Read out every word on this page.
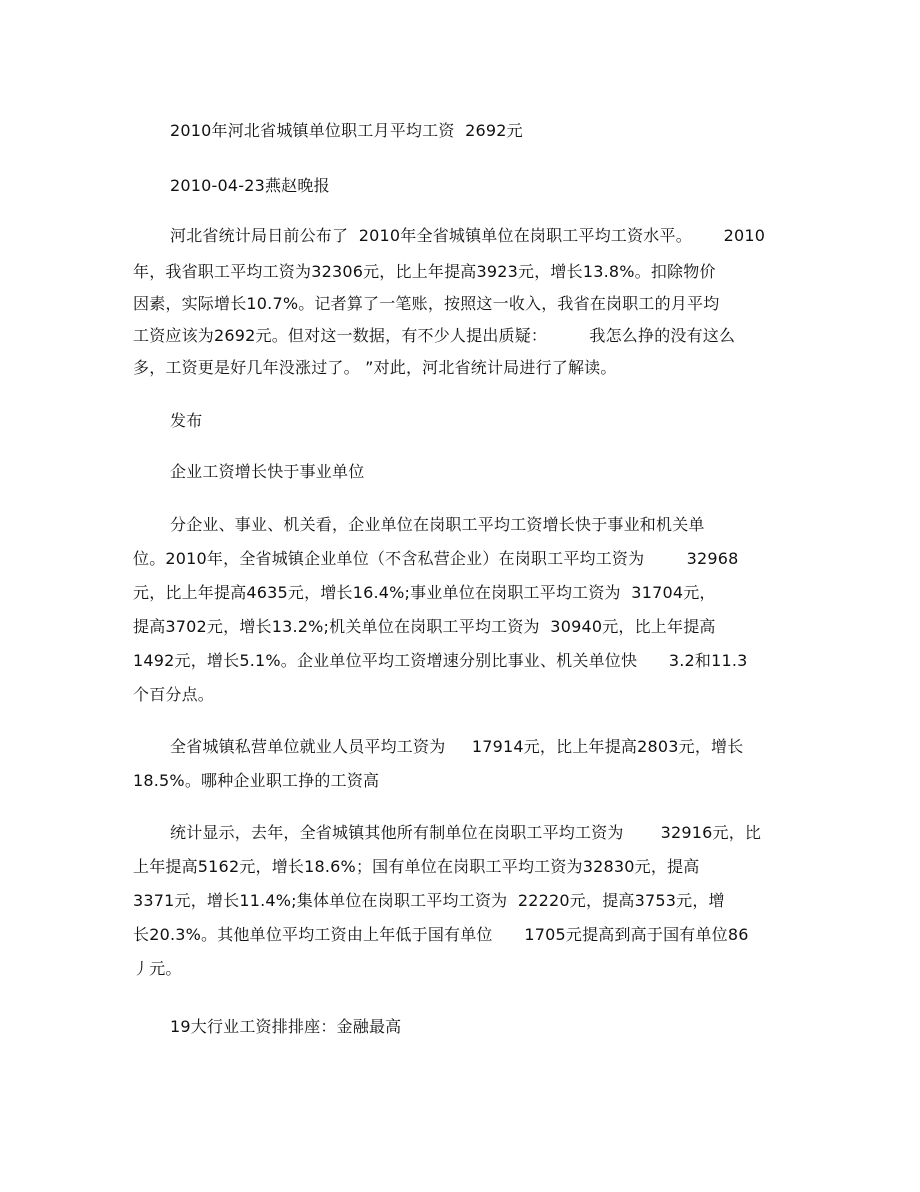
2010年河北省城镇单位职工月平均工资  2692元
2010-04-23燕赵晚报
河北省统计局日前公布了  2010年全省城镇单位在岗职工平均工资水平。      2010
年，我省职工平均工资为32306元，比上年提高3923元，增长13.8%。扣除物价
因素，实际增长10.7%。记者算了一笔账，按照这一收入，我省在岗职工的月平均
工资应该为2692元。但对这一数据，有不少人提出质疑：        我怎么挣的没有这么
多，工资更是好几年没涨过了。 ”对此，河北省统计局进行了解读。
发布
企业工资增长快于事业单位
分企业、事业、机关看，企业单位在岗职工平均工资增长快于事业和机关单
位。2010年，全省城镇企业单位（不含私营企业）在岗职工平均工资为        32968
元，比上年提高4635元，增长16.4%;事业单位在岗职工平均工资为  31704元，
提高3702元，增长13.2%;机关单位在岗职工平均工资为  30940元，比上年提高
1492元，增长5.1%。企业单位平均工资增速分别比事业、机关单位快      3.2和11.3
个百分点。
全省城镇私营单位就业人员平均工资为     17914元，比上年提高2803元，增长
18.5%。哪种企业职工挣的工资高
统计显示，去年，全省城镇其他所有制单位在岗职工平均工资为       32916元，比
上年提高5162元，增长18.6%；国有单位在岗职工平均工资为32830元，提高
3371元，增长11.4%;集体单位在岗职工平均工资为  22220元，提高3753元，增
长20.3%。其他单位平均工资由上年低于国有单位      1705元提高到高于国有单位86
丿元。
19大行业工资排排座：金融最高
